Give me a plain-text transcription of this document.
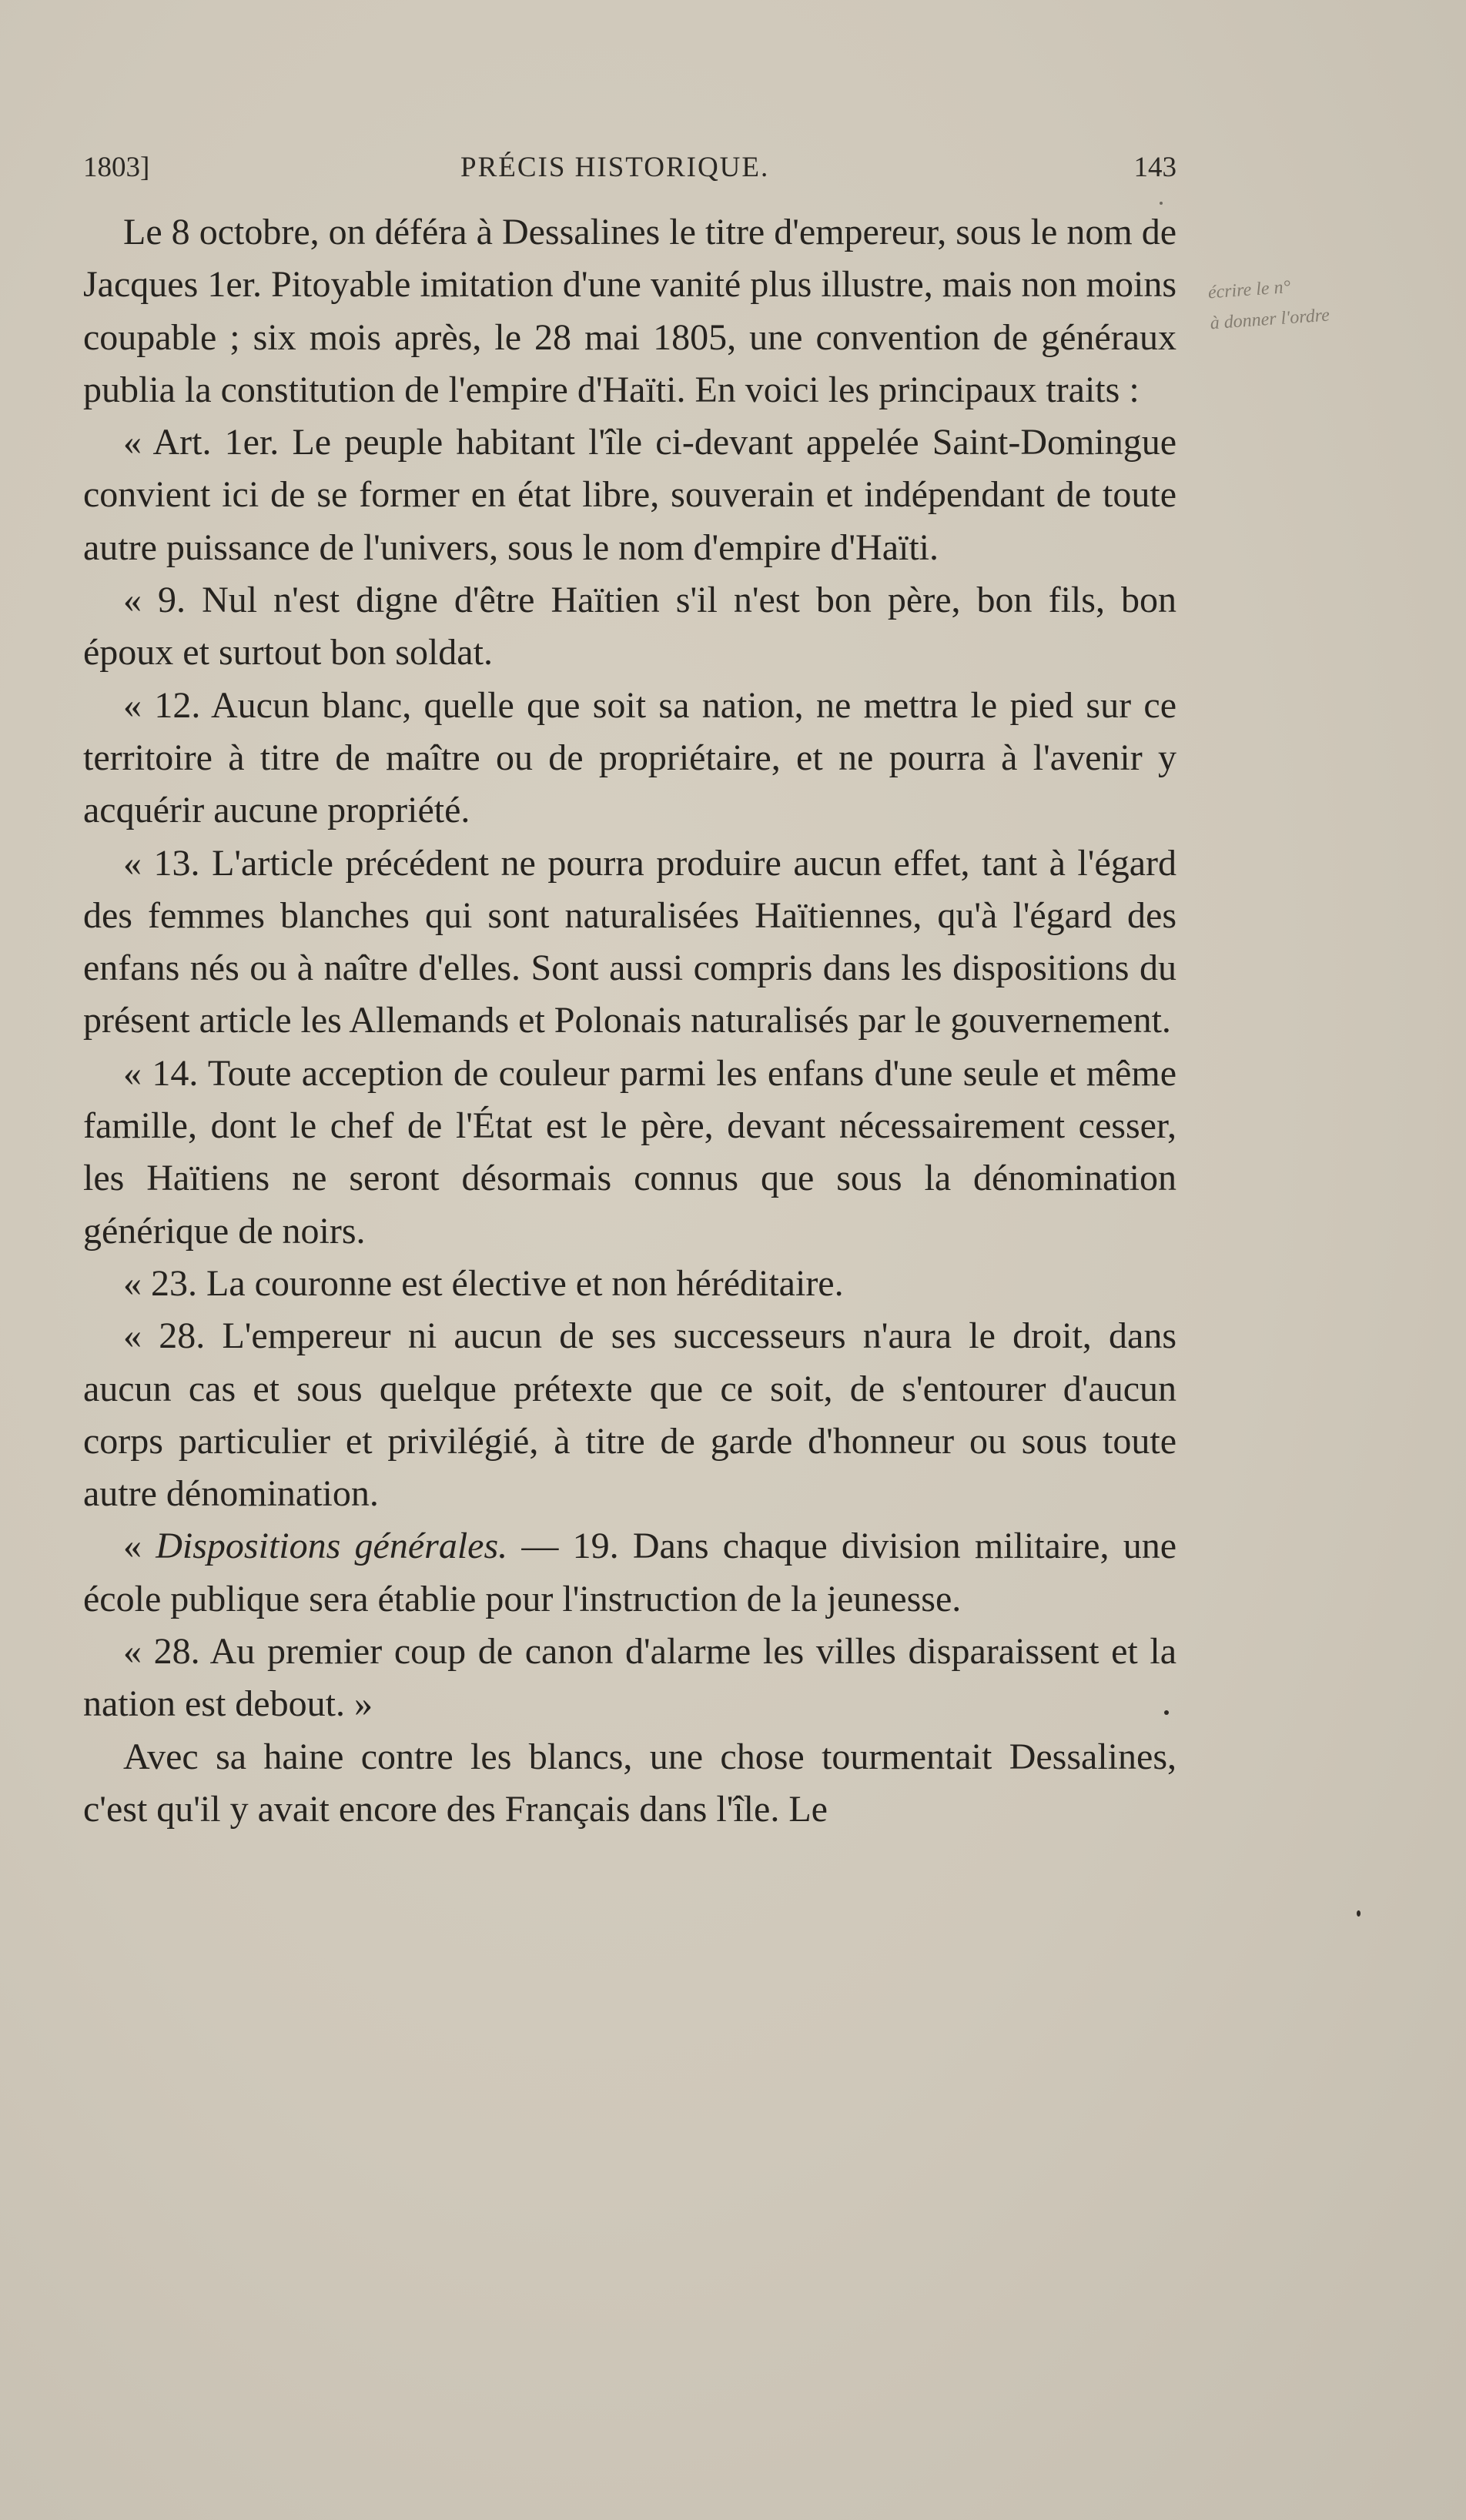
1803]	PRÉCIS HISTORIQUE.	143
écrire le n°
à donner l'ordre

Le 8 octobre, on déféra à Dessalines le titre d'empereur, sous le nom de Jacques 1er. Pitoyable imitation d'une vanité plus illustre, mais non moins coupable ; six mois après, le 28 mai 1805, une convention de généraux publia la constitution de l'empire d'Haïti. En voici les principaux traits :

« Art. 1er. Le peuple habitant l'île ci-devant appelée Saint-Domingue convient ici de se former en état libre, souverain et indépendant de toute autre puissance de l'univers, sous le nom d'empire d'Haïti.

« 9. Nul n'est digne d'être Haïtien s'il n'est bon père, bon fils, bon époux et surtout bon soldat.

« 12. Aucun blanc, quelle que soit sa nation, ne mettra le pied sur ce territoire à titre de maître ou de propriétaire, et ne pourra à l'avenir y acquérir aucune propriété.

« 13. L'article précédent ne pourra produire aucun effet, tant à l'égard des femmes blanches qui sont naturalisées Haïtiennes, qu'à l'égard des enfans nés ou à naître d'elles. Sont aussi compris dans les dispositions du présent article les Allemands et Polonais naturalisés par le gouvernement.

« 14. Toute acception de couleur parmi les enfans d'une seule et même famille, dont le chef de l'État est le père, devant nécessairement cesser, les Haïtiens ne seront désormais connus que sous la dénomination générique de noirs.

« 23. La couronne est élective et non héréditaire.

« 28. L'empereur ni aucun de ses successeurs n'aura le droit, dans aucun cas et sous quelque prétexte que ce soit, de s'entourer d'aucun corps particulier et privilégié, à titre de garde d'honneur ou sous toute autre dénomination.

« Dispositions générales. — 19. Dans chaque division militaire, une école publique sera établie pour l'instruction de la jeunesse.

« 28. Au premier coup de canon d'alarme les villes disparaissent et la nation est debout. »

Avec sa haine contre les blancs, une chose tourmentait Dessalines, c'est qu'il y avait encore des Français dans l'île. Le
